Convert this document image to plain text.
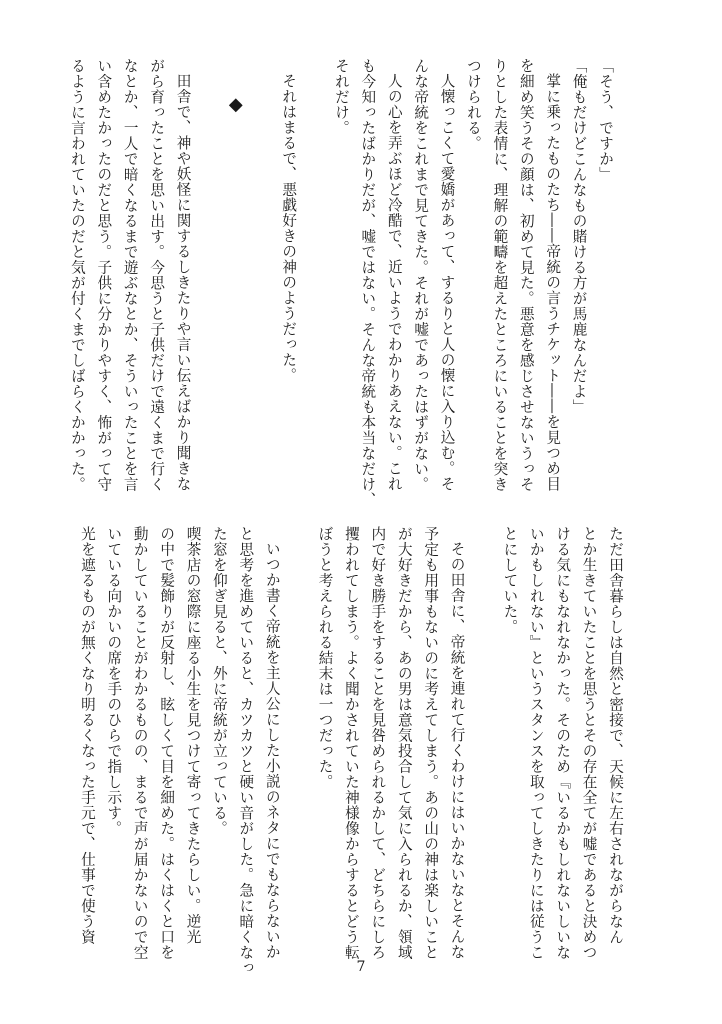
「そう、ですか」

「俺もだけどこんなもの賭ける方が馬鹿なんだよ」

掌に乗ったものたち――帝統の言うチケット――を見つめ目

を細め笑うその顔は、初めて見た。悪意を感じさせないうっそ

りとした表情に、理解の範疇を超えたところにいることを突き

つけられる。

人懐っこくて愛嬌があって、するりと人の懐に入り込む。そ

んな帝統をこれまで見てきた。それが嘘であったはずがない。

人の心を弄ぶほど冷酷で、近いようでわかりあえない。これ

も今知ったばかりだが、嘘ではない。そんな帝統も本当なだけ、

それだけ。

それはまるで、悪戯好きの神のようだった。

◆

田舎で、神や妖怪に関するしきたりや言い伝えばかり聞きな

がら育ったことを思い出す。今思うと子供だけで遠くまで行く

なとか、一人で暗くなるまで遊ぶなとか、そういったことを言

い含めたかったのだと思う。子供に分かりやすく、怖がって守

るように言われていたのだと気が付くまでしばらくかかった。

ただ田舎暮らしは自然と密接で、天候に左右されながらなん

とか生きていたことを思うとその存在全てが嘘であると決めつ

ける気にもなれなかった。そのため『いるかもしれないしいな

いかもしれない』というスタンスを取ってしきたりには従うこ

とにしていた。

その田舎に、帝統を連れて行くわけにはいかないなとそんな

予定も用事もないのに考えてしまう。あの山の神は楽しいこと

が大好きだから、あの男は意気投合して気に入られるか、領域

内で好き勝手をすることを見咎められるかして、どちらにしろ

攫われてしまう。よく聞かされていた神様像からするとどう転

ぼうと考えられる結末は一つだった。

いつか書く帝統を主人公にした小説のネタにでもならないか

と思考を進めていると、カツカツと硬い音がした。急に暗くなっ

た窓を仰ぎ見ると、外に帝統が立っている。

喫茶店の窓際に座る小生を見つけて寄ってきたらしい。逆光

の中で髪飾りが反射し、眩しくて目を細めた。はくはくと口を

動かしていることがわかるものの、まるで声が届かないので空

いている向かいの席を手のひらで指し示す。

光を遮るものが無くなり明るくなった手元で、仕事で使う資

7
